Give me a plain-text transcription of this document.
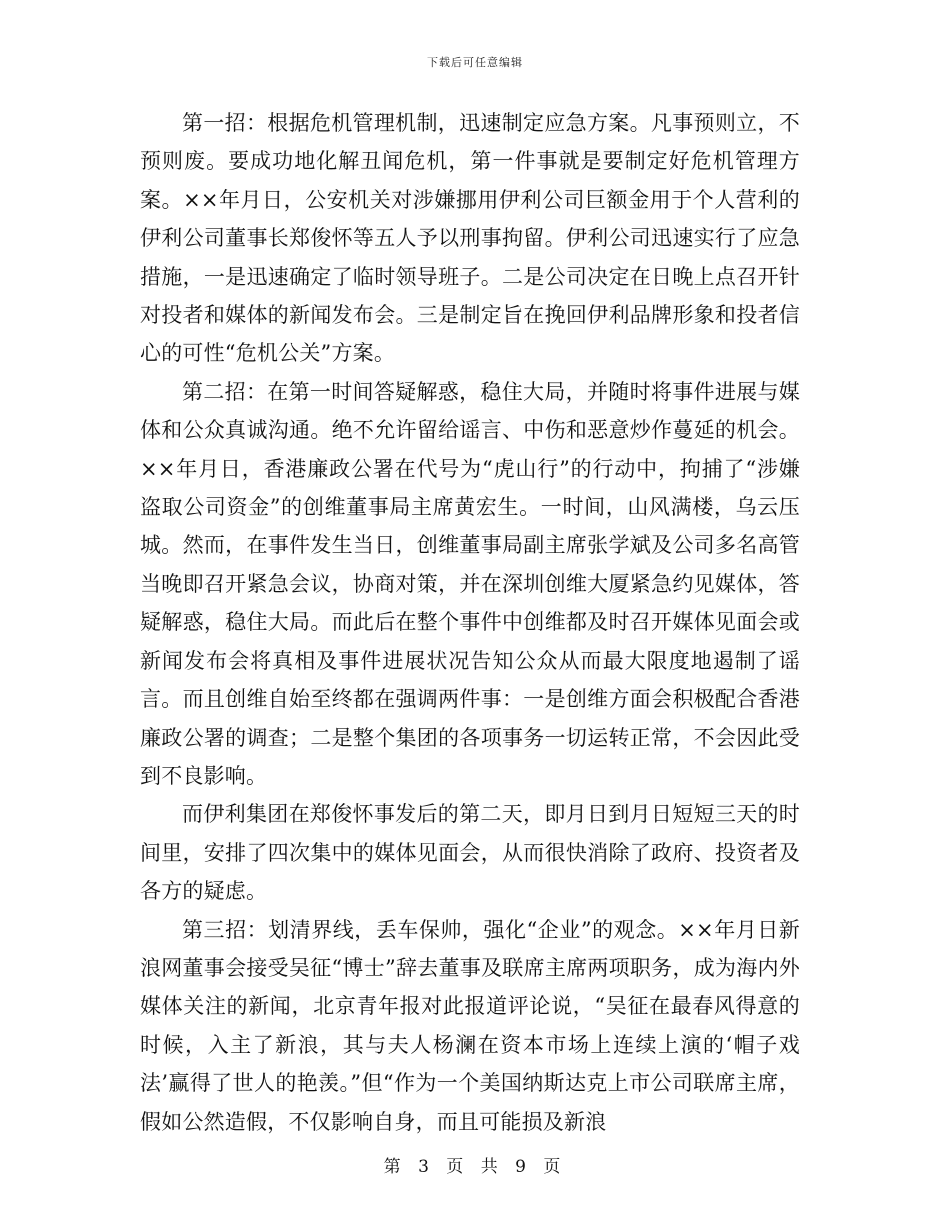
下载后可任意编辑

第一招：根据危机管理机制，迅速制定应急方案。凡事预则立，不预则废。要成功地化解丑闻危机，第一件事就是要制定好危机管理方案。××年月日，公安机关对涉嫌挪用伊利公司巨额金用于个人营利的伊利公司董事长郑俊怀等五人予以刑事拘留。伊利公司迅速实行了应急措施，一是迅速确定了临时领导班子。二是公司决定在日晚上点召开针对投者和媒体的新闻发布会。三是制定旨在挽回伊利品牌形象和投者信心的可性“危机公关”方案。

第二招：在第一时间答疑解惑，稳住大局，并随时将事件进展与媒体和公众真诚沟通。绝不允许留给谣言、中伤和恶意炒作蔓延的机会。××年月日，香港廉政公署在代号为“虎山行”的行动中，拘捕了“涉嫌盗取公司资金”的创维董事局主席黄宏生。一时间，山风满楼，乌云压城。然而，在事件发生当日，创维董事局副主席张学斌及公司多名高管当晚即召开紧急会议，协商对策，并在深圳创维大厦紧急约见媒体，答疑解惑，稳住大局。而此后在整个事件中创维都及时召开媒体见面会或新闻发布会将真相及事件进展状况告知公众从而最大限度地遏制了谣言。而且创维自始至终都在强调两件事：一是创维方面会积极配合香港廉政公署的调查；二是整个集团的各项事务一切运转正常，不会因此受到不良影响。

而伊利集团在郑俊怀事发后的第二天，即月日到月日短短三天的时间里，安排了四次集中的媒体见面会，从而很快消除了政府、投资者及各方的疑虑。

第三招：划清界线，丢车保帅，强化“企业”的观念。××年月日新浪网董事会接受吴征“博士”辞去董事及联席主席两项职务，成为海内外媒体关注的新闻，北京青年报对此报道评论说，“吴征在最春风得意的时候，入主了新浪，其与夫人杨澜在资本市场上连续上演的‘帽子戏法’赢得了世人的艳羡。”但“作为一个美国纳斯达克上市公司联席主席，假如公然造假，不仅影响自身，而且可能损及新浪

第 3 页 共 9 页
